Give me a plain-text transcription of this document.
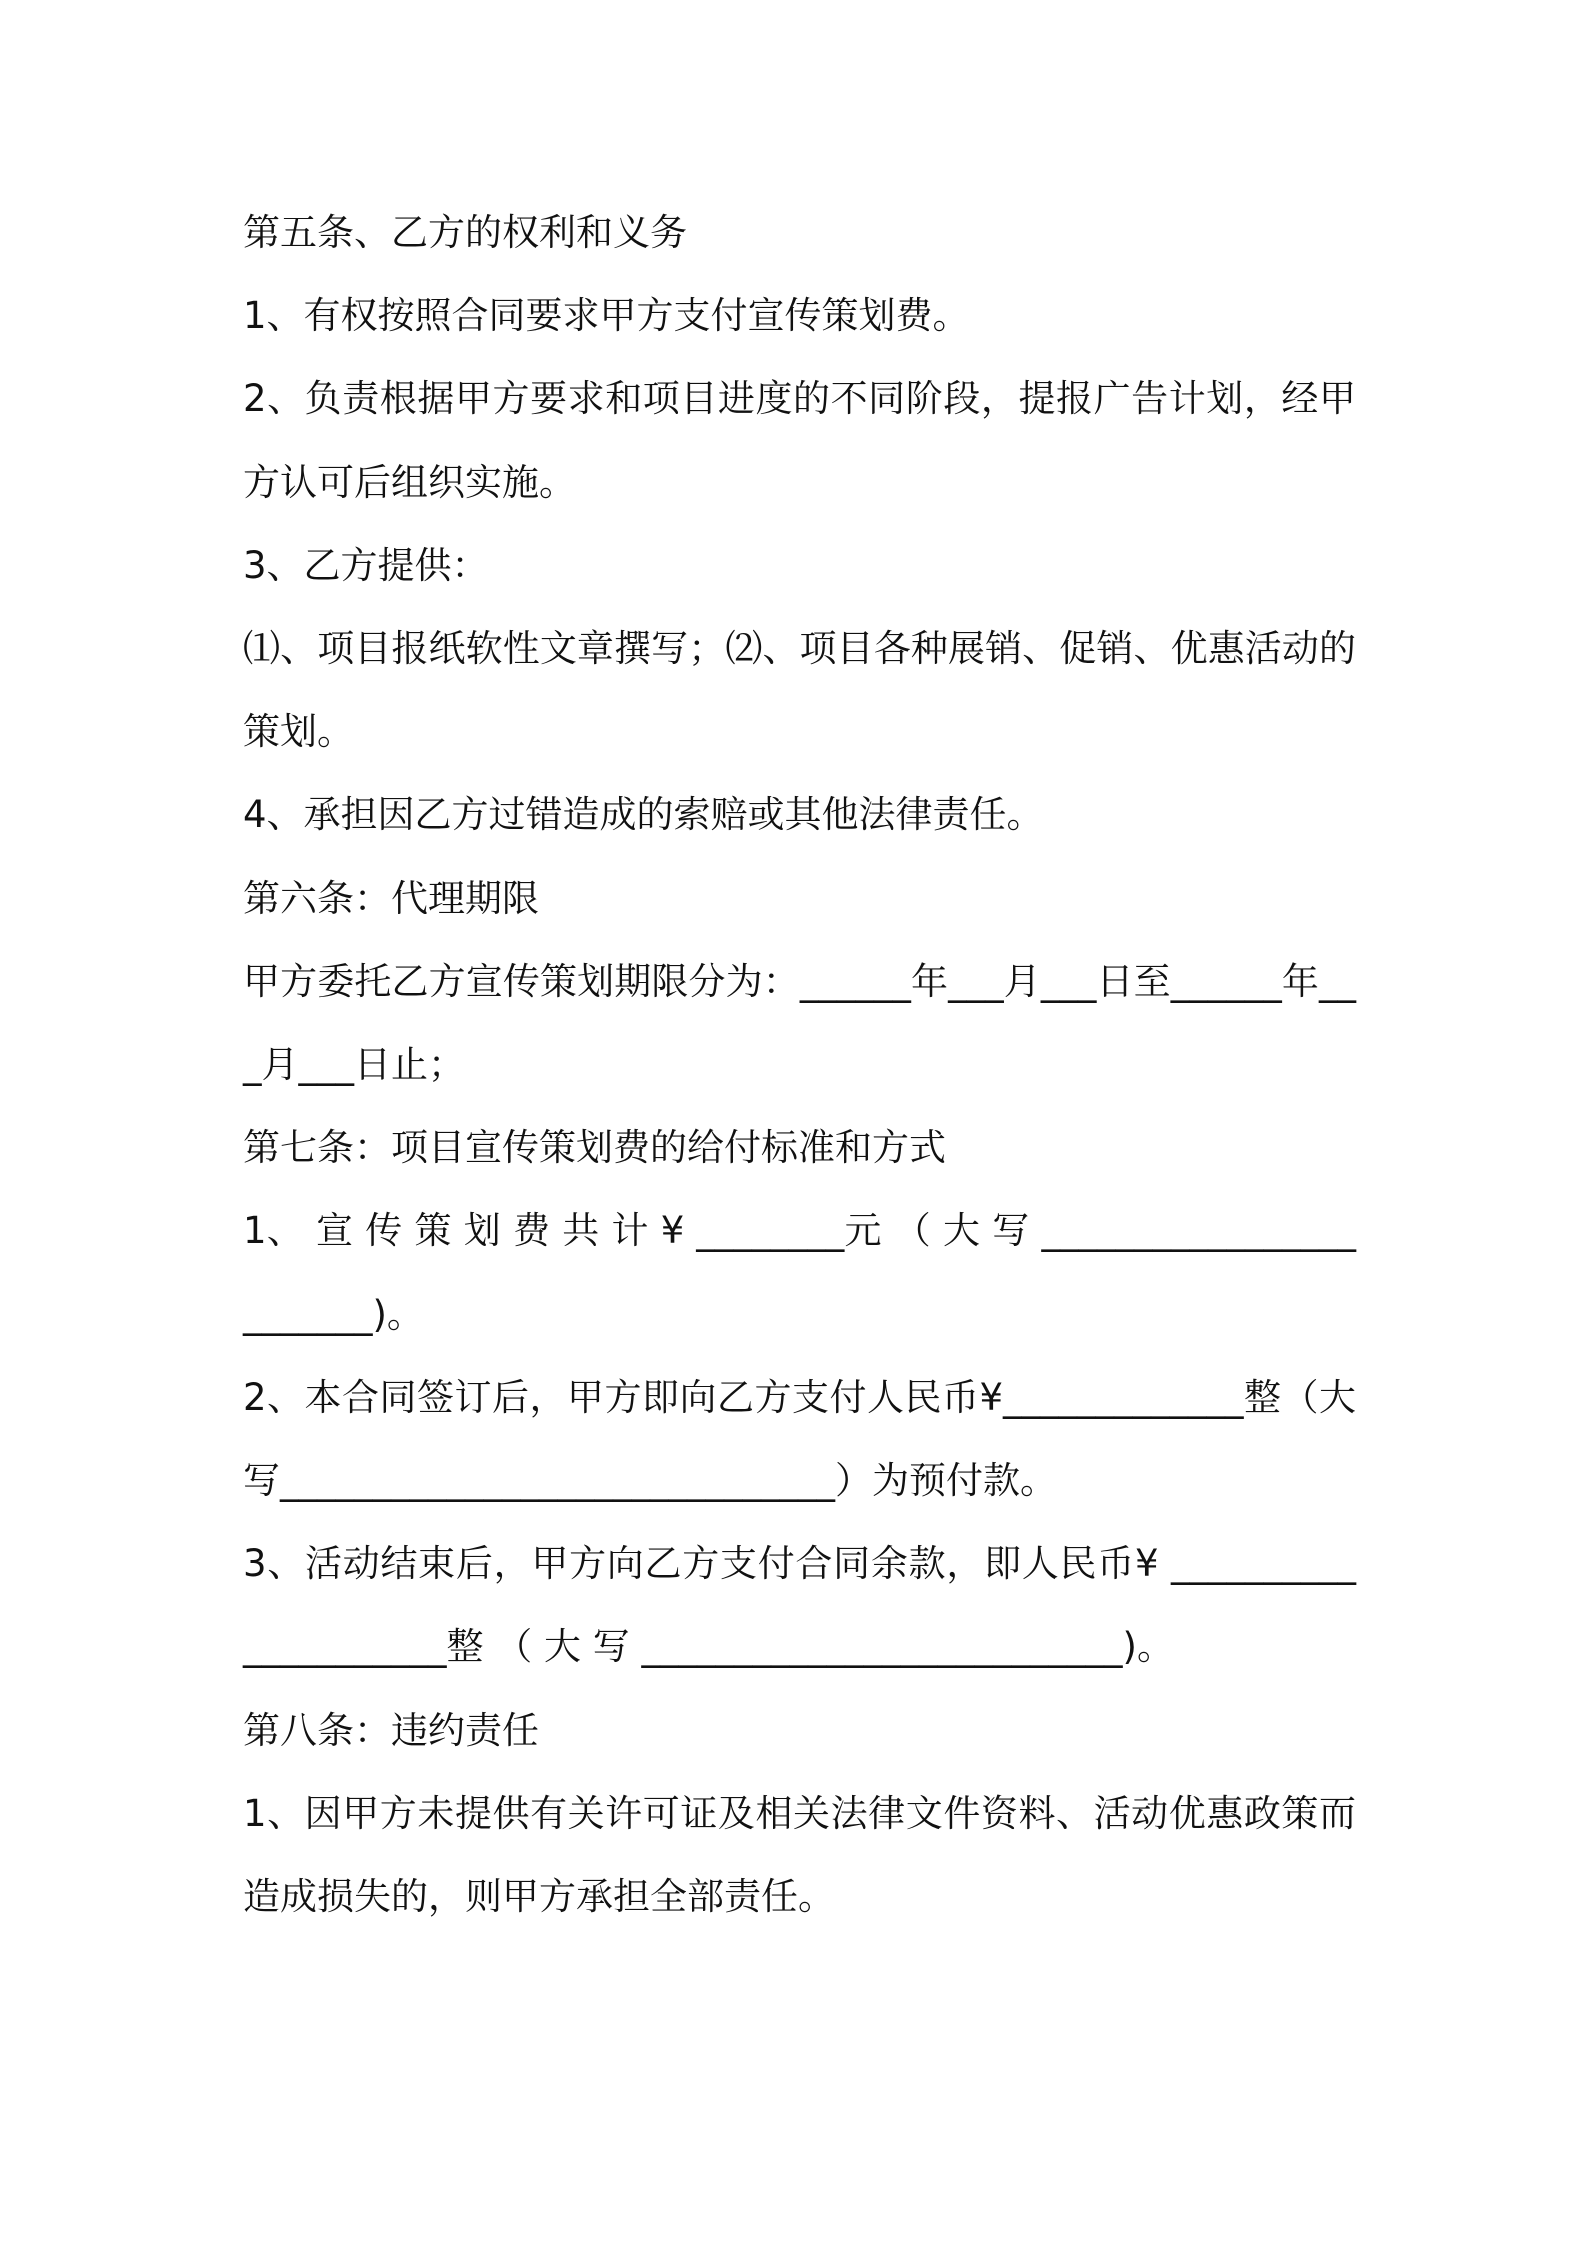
第五条、乙方的权利和义务

1、有权按照合同要求甲方支付宣传策划费。

2、负责根据甲方要求和项目进度的不同阶段，提报广告计划，经甲方认可后组织实施。

3、乙方提供：

⑴、项目报纸软性文章撰写；⑵、项目各种展销、促销、优惠活动的策划。

4、承担因乙方过错造成的索赔或其他法律责任。

第六条：代理期限

甲方委托乙方宣传策划期限分为：______年___月___日至______年___月___日止；

第七条：项目宣传策划费的给付标准和方式

1、 宣 传 策 划 费 共 计 ¥ ________元 （ 大 写 ________________________)。

2、本合同签订后，甲方即向乙方支付人民币¥_____________整（大写______________________________）为预付款。

3、活动结束后，甲方向乙方支付合同余款，即人民币¥ _____________________整 （ 大 写 __________________________)。

第八条：违约责任

1、因甲方未提供有关许可证及相关法律文件资料、活动优惠政策而造成损失的，则甲方承担全部责任。
